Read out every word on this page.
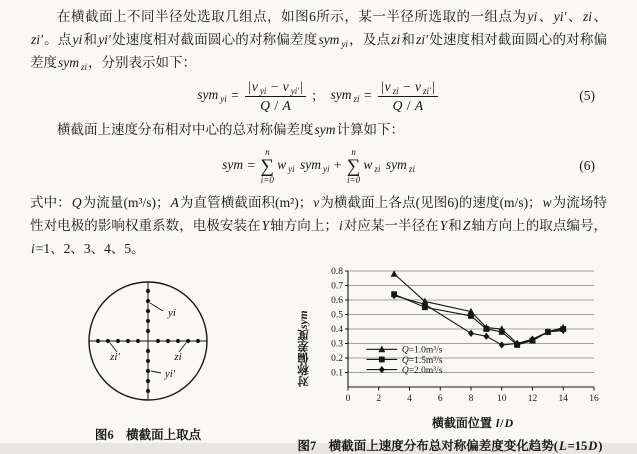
在横截面上不同半径处选取几组点，如图6所示，某一半径所选取的一组点为yi、yi′、zi、zi′。点yi和yi′处速度相对截面圆心的对称偏差度sym $_{yi}$，及点zi和zi′处速度相对截面圆心的对称偏差度sym $_{zi}$，分别表示如下：

sym $_{yi} = \frac{|v _{yi} - v _{yi'}|}{Q / A}$ ;　sym $_{zi} = \frac{|v _{zi} - v _{zi'}|}{Q / A}$	(5)

横截面上速度分布相对中心的总对称偏差度sym计算如下：

sym =
n
∑
i=0
w $_{yi}$ sym $_{yi}$ +
n
∑
i=0
w $_{zi}$ sym $_{zi}$	(6)

式中：Q为流量(m³/s)；A为直管横截面积(m²)；v为横截面上各点(见图6)的速度(m/s)；w为流场特性对电极的影响权重系数，电极安装在Y轴方向上；i对应某一半径在Y和Z轴方向上的取点编号，i=1、2、3、4、5。

yi
zi
zi′
yi′
图6　横截面上取点
对称偏差度
sym
0.1
0.2
0.3
0.4
0.5
0.6
0.7
0.8
0	2	4	6	8 10 12 14 16
Q=1.0m³/s
Q=1.5m³/s
Q=2.0m³/s
横截面位置 l/D
图7　横截面上速度分布总对称偏差度变化趋势(L=15D)
